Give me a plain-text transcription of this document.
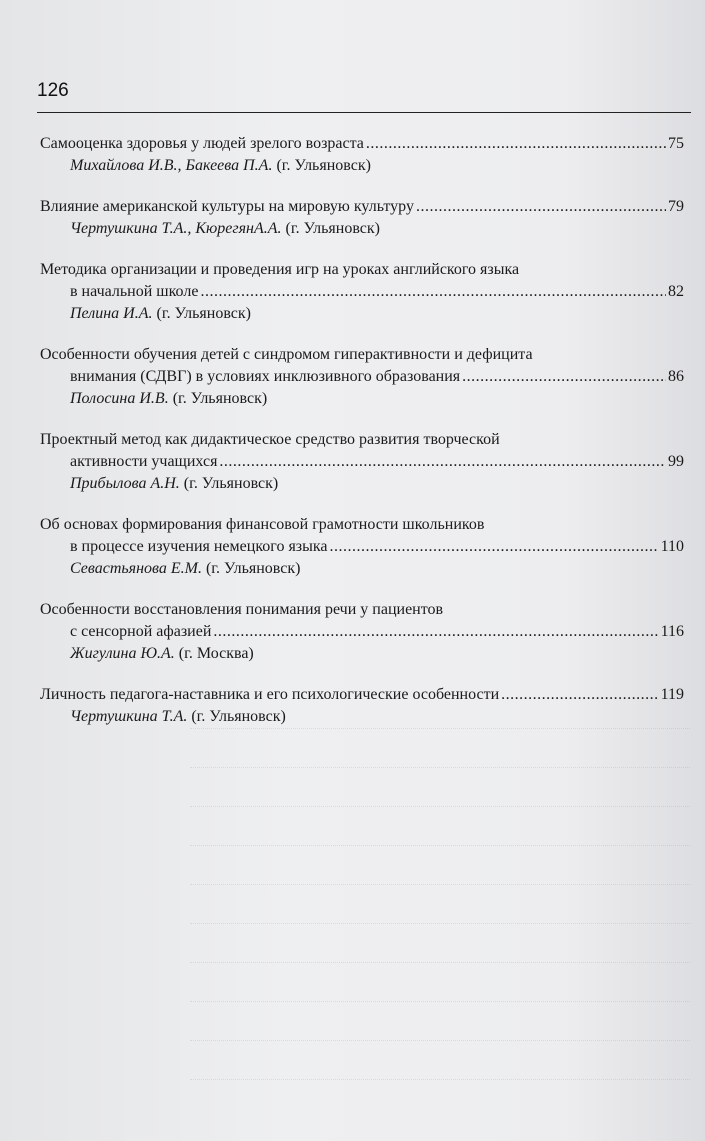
126
Самооценка здоровья у людей зрелого возраста .....	75
Михайлова И.В., Бакеева П.А. (г. Ульяновск)
Влияние американской культуры на мировую культуру .....	79
Чертушкина Т.А., КюрегянА.А. (г. Ульяновск)
Методика организации и проведения игр на уроках английского языка
в начальной школе .....	82
Пелина И.А. (г. Ульяновск)
Особенности обучения детей с синдромом гиперактивности и дефицита
внимания (СДВГ) в условиях инклюзивного образования .....	86
Полосина И.В. (г. Ульяновск)
Проектный метод как дидактическое средство развития творческой
активности учащихся .....	99
Прибылова А.Н. (г. Ульяновск)
Об основах формирования финансовой грамотности школьников
в процессе изучения немецкого языка .....	110
Севастьянова Е.М. (г. Ульяновск)
Особенности восстановления понимания речи у пациентов
с сенсорной афазией .....	116
Жигулина Ю.А. (г. Москва)
Личность педагога-наставника и его психологические особенности .....	119
Чертушкина Т.А. (г. Ульяновск)
